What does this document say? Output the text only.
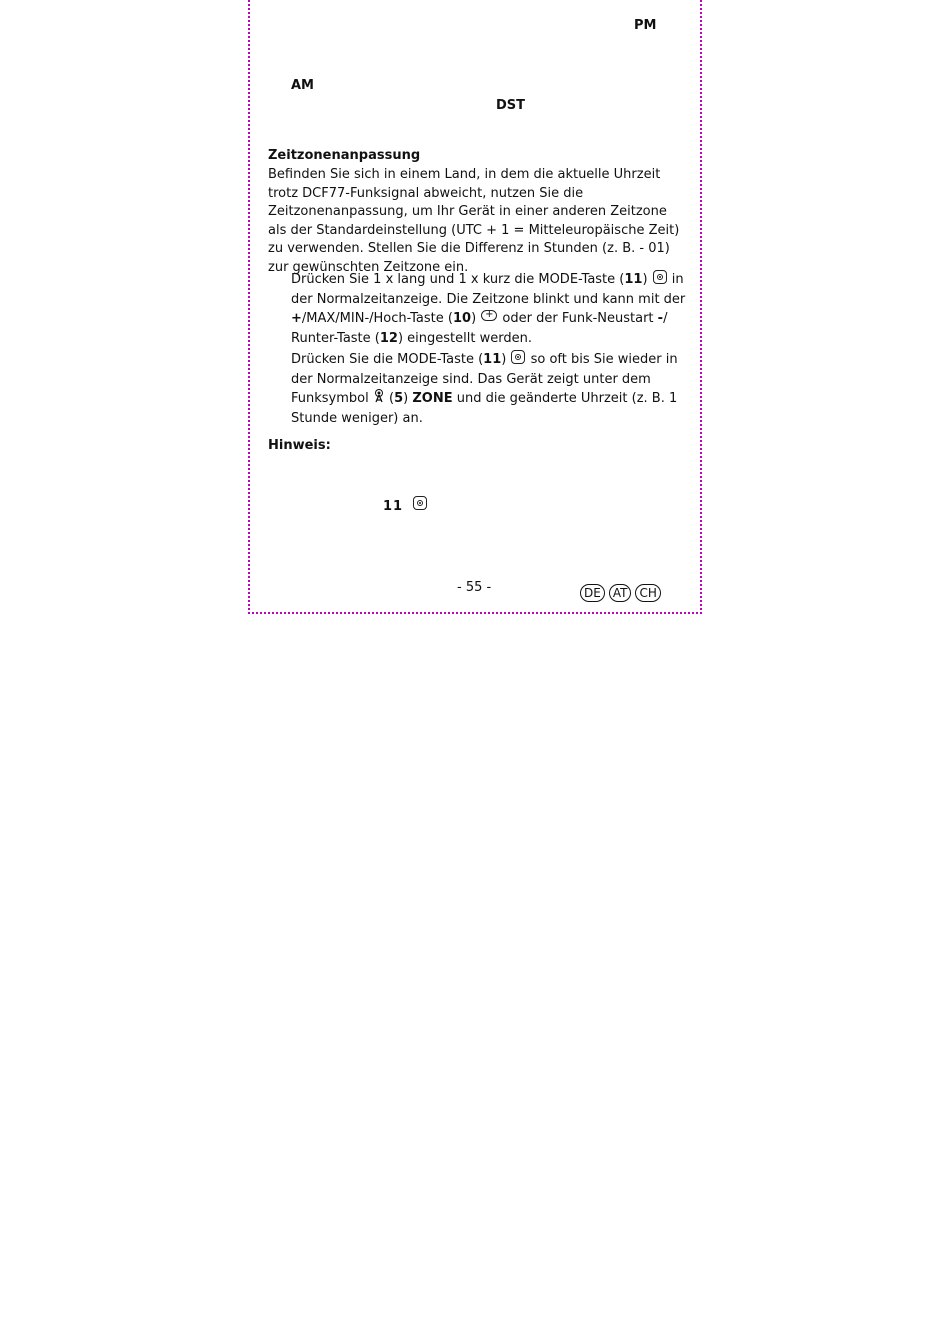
PM
AM
DST
Zeitzonenanpassung
Befinden Sie sich in einem Land, in dem die aktuelle Uhrzeit trotz DCF77-Funksignal abweicht, nutzen Sie die Zeitzonenanpassung, um Ihr Gerät in einer anderen Zeitzone als der Standardeinstellung (UTC + 1 = Mitteleuropäische Zeit) zu verwenden. Stellen Sie die Differenz in Stunden (z. B. - 01) zur gewünschten Zeitzone ein.
Drücken Sie 1 x lang und 1 x kurz die MODE-Taste (11)  in der Normalzeitanzeige. Die Zeitzone blinkt und kann mit der +/MAX/MIN-/Hoch-Taste (10) + oder der Funk-Neustart -/ Runter-Taste (12) eingestellt werden.
Drücken Sie die MODE-Taste (11)  so oft bis Sie wieder in der Normalzeitanzeige sind. Das Gerät zeigt unter dem Funksymbol  (5) ZONE und die geänderte Uhrzeit (z. B. 1 Stunde weniger) an.
Hinweis:
11
- 55 -	DE AT CH
